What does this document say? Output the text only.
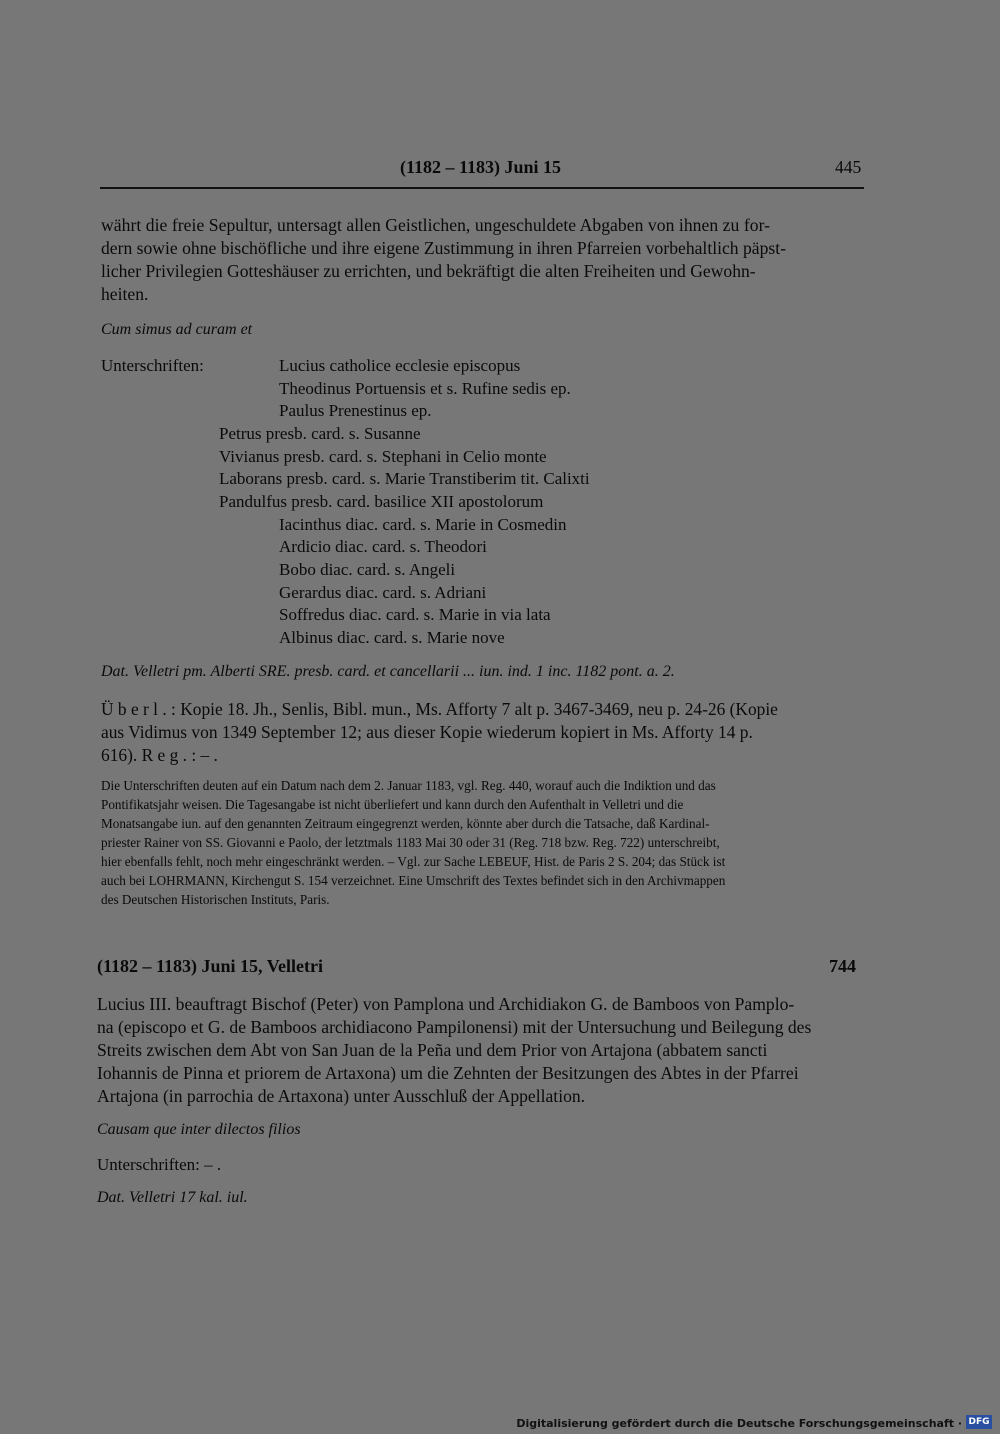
(1182 – 1183) Juni 15	445
währt die freie Sepultur, untersagt allen Geistlichen, ungeschuldete Abgaben von ihnen zu for-
dern sowie ohne bischöfliche und ihre eigene Zustimmung in ihren Pfarreien vorbehaltlich päpst-
licher Privilegien Gotteshäuser zu errichten, und bekräftigt die alten Freiheiten und Gewohn-
heiten.
Cum simus ad curam et
Unterschriften:	Lucius catholice ecclesie episcopus
Theodinus Portuensis et s. Rufine sedis ep.
Paulus Prenestinus ep.
Petrus presb. card. s. Susanne
Vivianus presb. card. s. Stephani in Celio monte
Laborans presb. card. s. Marie Transtiberim tit. Calixti
Pandulfus presb. card. basilice XII apostolorum
Iacinthus diac. card. s. Marie in Cosmedin
Ardicio diac. card. s. Theodori
Bobo diac. card. s. Angeli
Gerardus diac. card. s. Adriani
Soffredus diac. card. s. Marie in via lata
Albinus diac. card. s. Marie nove
Dat. Velletri pm. Alberti SRE. presb. card. et cancellarii ... iun. ind. 1 inc. 1182 pont. a. 2.
Ü b e r l . : Kopie 18. Jh., Senlis, Bibl. mun., Ms. Afforty 7 alt p. 3467-3469, neu p. 24-26 (Kopie
aus Vidimus von 1349 September 12; aus dieser Kopie wiederum kopiert in Ms. Afforty 14 p.
616). R e g . : – .
Die Unterschriften deuten auf ein Datum nach dem 2. Januar 1183, vgl. Reg. 440, worauf auch die Indiktion und das
Pontifikatsjahr weisen. Die Tagesangabe ist nicht überliefert und kann durch den Aufenthalt in Velletri und die
Monatsangabe iun. auf den genannten Zeitraum eingegrenzt werden, könnte aber durch die Tatsache, daß Kardinal-
priester Rainer von SS. Giovanni e Paolo, der letztmals 1183 Mai 30 oder 31 (Reg. 718 bzw. Reg. 722) unterschreibt,
hier ebenfalls fehlt, noch mehr eingeschränkt werden. – Vgl. zur Sache LEBEUF, Hist. de Paris 2 S. 204; das Stück ist
auch bei LOHRMANN, Kirchengut S. 154 verzeichnet. Eine Umschrift des Textes befindet sich in den Archivmappen
des Deutschen Historischen Instituts, Paris.
(1182 – 1183) Juni 15, Velletri	744
Lucius III. beauftragt Bischof (Peter) von Pamplona und Archidiakon G. de Bamboos von Pamplo-
na (episcopo et G. de Bamboos archidiacono Pampilonensi) mit der Untersuchung und Beilegung des
Streits zwischen dem Abt von San Juan de la Peña und dem Prior von Artajona (abbatem sancti
Iohannis de Pinna et priorem de Artaxona) um die Zehnten der Besitzungen des Abtes in der Pfarrei
Artajona (in parrochia de Artaxona) unter Ausschluß der Appellation.
Causam que inter dilectos filios
Unterschriften: – .
Dat. Velletri 17 kal. iul.
Digitalisierung gefördert durch die Deutsche Forschungsgemeinschaft · DFG
